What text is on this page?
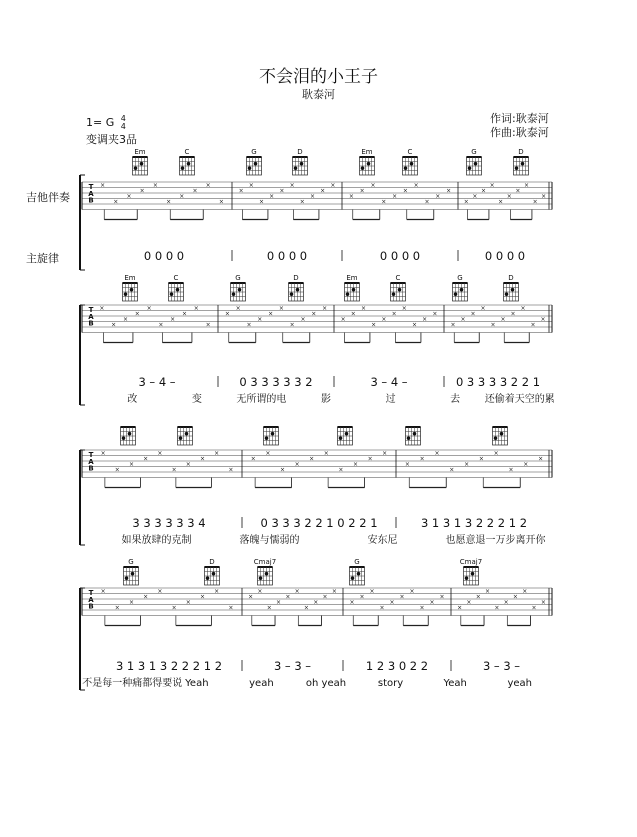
不会泪的小王子
耿泰河
1= G 4
4
变调夹3品
作词:耿泰河
作曲:耿泰河
吉他伴奏
主旋律
Em	C	G	D	Em	C	G	D
T
A
B
×
×
×
×
×
×
×
×
×
×
×
×
×
×
×
×
×
×
×
×
×
×
×
×
×
×
×
×
×
×
×
×
×
×
×
×
×
×
×
×
0 0 0 0	0 0 0 0	0 0 0 0	0 0 0 0
Em	C	G	D	Em	C	G	D
T
A
B
×
×
×
×
×
×
×
×
×
×
×
×
×
×
×
×
×
×
×
×
×
×
×
×
×
×
×
×
×
×
×
×
×
×
×
×
×
×
×
×
3 – 4 –	0 3 3 3 3 3 2	3 – 4 –	0 3 3 3 3 2 2 1
改	变	无所谓的电	影	过	去 还偷着天空的累
T
A
B
×
×
×
×
×
×
×
×
×
×
×
×
×
×
×
×
×
×
×
×
×
×
×
×
×
×
×
×
×
×
3 3 3 3 3 3 4	0 3 3 3 2 2 1 0 2 2 1	3 1 3 1 3 2 2 2 1 2
如果放肆的克制	落魄与懦弱的	安东尼	也愿意退一万步离开你
G	D	Cmaj7	G	Cmaj7
T
A
B
×
×
×
×
×
×
×
×
×
×
×
×
×
×
×
×
×
×
×
×
×
×
×
×
×
×
×
×
×
×
×
×
×
×
×
×
×
×
×
×
3 1 3 1 3 2 2 2 1 2	3 – 3 –	1 2 3 0 2 2	3 – 3 –
不是每一种痛都得要说 Yeah	yeah	oh yeah	story	Yeah	yeah
